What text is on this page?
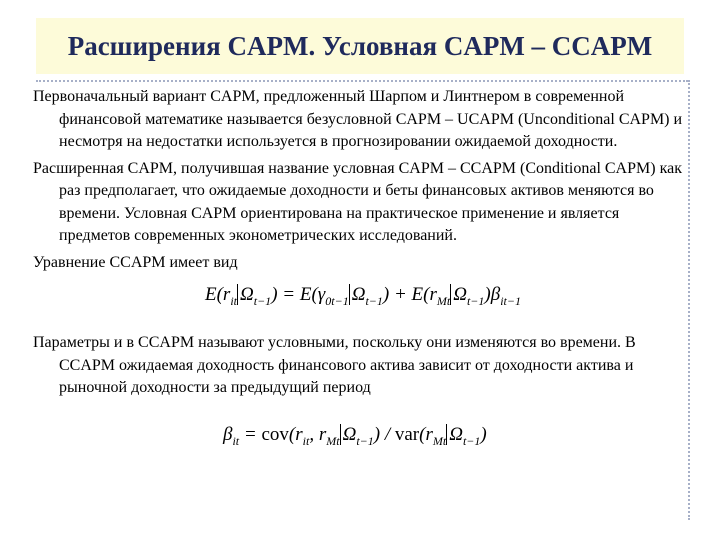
Расширения CAPM. Условная CAPM – CCAPM

Первоначальный вариант CAPM, предложенный Шарпом и Линтнером в современной финансовой математике называется безусловной CAPM – UCAPM (Unconditional CAPM) и несмотря на недостатки используется в прогнозировании ожидаемой доходности.

Расширенная CAPM, получившая название условная CAPM – CCAPM (Conditional CAPM) как раз предполагает, что ожидаемые доходности и беты финансовых активов меняются во времени. Условная CAPM ориентирована на практическое применение и является предметов современных эконометрических исследований.

Уравнение CCAPM имеет вид

$E(r_{it}$ $\Omega_{t-1}) = E(\gamma_{0t-1}$ $\Omega_{t-1}) + E(r_{Mt}$ $\Omega_{t-1})\beta_{it-1}$

Параметры и в CCAPM называют условными, поскольку они изменяются во времени. В CCAPM ожидаемая доходность финансового актива зависит от доходности актива и рыночной доходности за предыдущий период

$\beta_{it} = cov(r_{it}$, $r_{Mt}$ $\Omega_{t-1}) / var(r_{Mt}$ $\Omega_{t-1}$)
